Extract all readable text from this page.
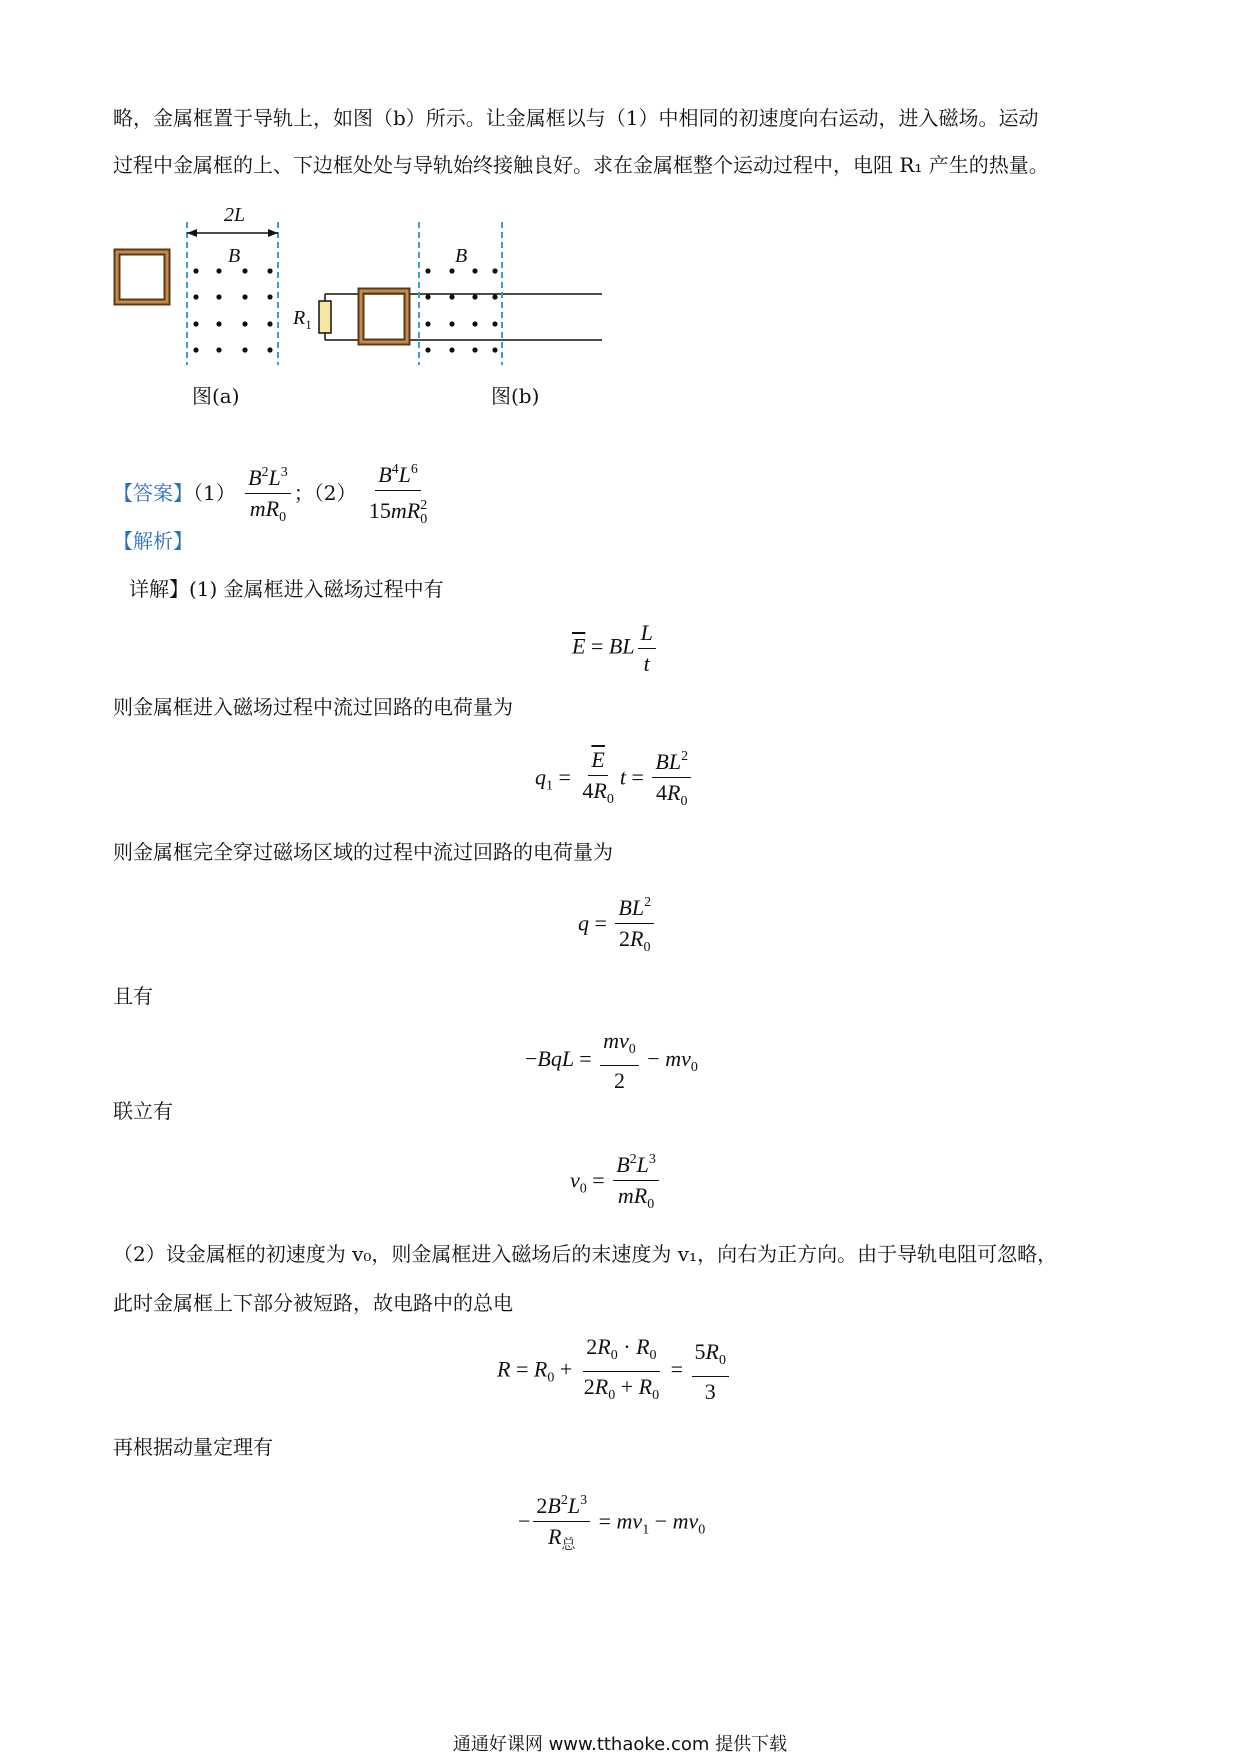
略，金属框置于导轨上，如图（b）所示。让金属框以与（1）中相同的初速度向右运动，进入磁场。运动
过程中金属框的上、下边框处处与导轨始终接触良好。求在金属框整个运动过程中，电阻 R₁ 产生的热量。
2L
B
$R_1$
B
图(a)	图(b)
【答案】$(1) \frac{B^2L^3}{mR_0}$ ；$(2) \frac{B^4L^6}{15mR_0^2}$
【解析】
详解】(1) 金属框进入磁场过程中有
$\overline{E}$ = BL $\frac{L}{t}$
则金属框进入磁场过程中流过回路的电荷量为
$q_1 = \frac{\overline{E}}{4R_0}$ $t = \frac{BL^2}{4R_0}$
则金属框完全穿过磁场区域的过程中流过回路的电荷量为
$q = \frac{BL^2}{2R_0}$
且有
$-BqL = \frac{mv_0}{2} - mv_0$
联立有
$v_0 = \frac{B^2L^3}{mR_0}$
（2）设金属框的初速度为 v₀，则金属框进入磁场后的末速度为 v₁，向右为正方向。由于导轨电阻可忽略，
此时金属框上下部分被短路，故电路中的总电
$R = R_0 + \frac{2R_0 \cdot R_0}{2R_0 + R_0} = \frac{5R_0}{3}$
再根据动量定理有
− $\frac{2B^2L^3}{R_总} = mv_1 - mv_0$
通通好课网 www.tthaoke.com 提供下载
